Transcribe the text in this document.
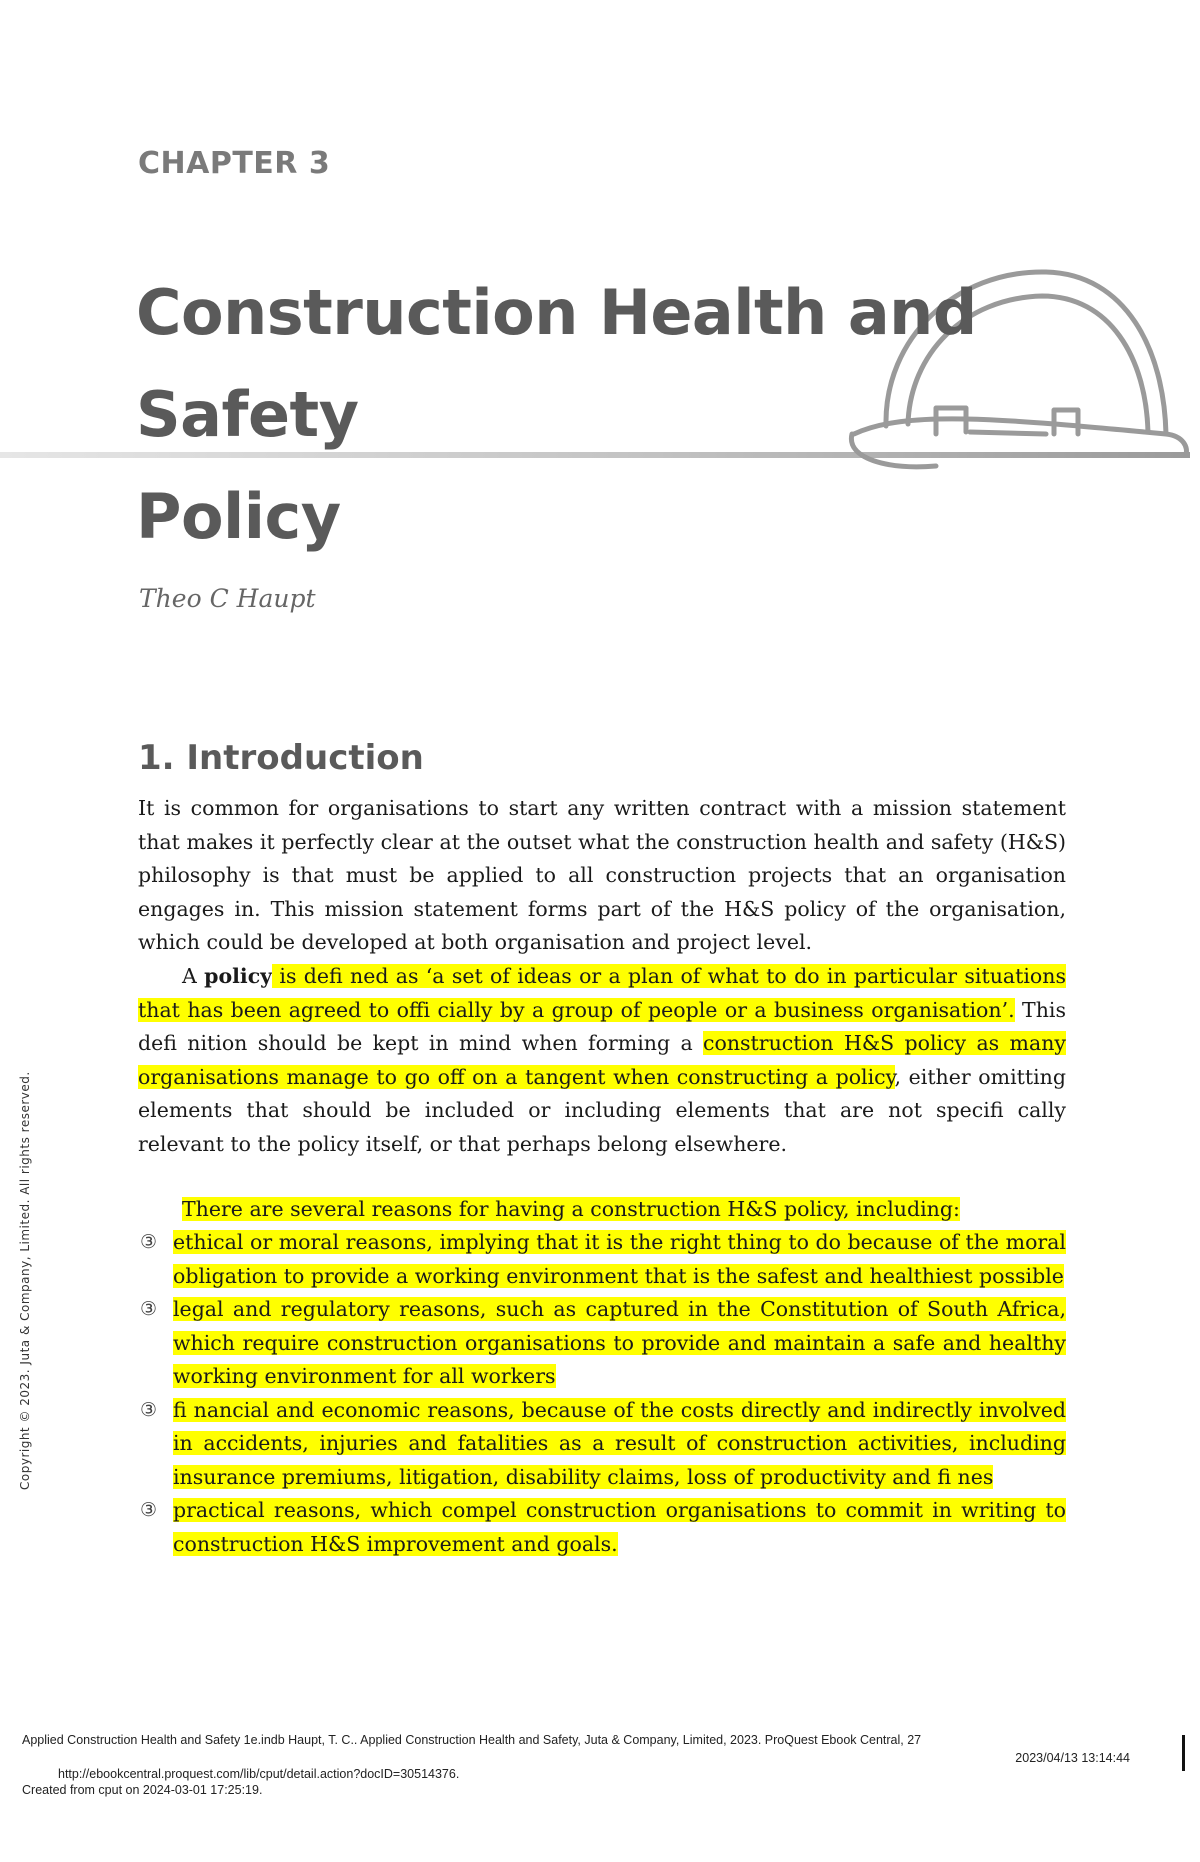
CHAPTER 3
Construction Health and
Safety
Policy
Theo C Haupt
1. Introduction
It is common for organisations to start any written contract with a mission statement that makes it perfectly clear at the outset what the construction health and safety (H&S) philosophy is that must be applied to all construction projects that an organisation engages in. This mission statement forms part of the H&S policy of the organisation, which could be developed at both organisation and project level.
A policy is defi ned as ‘a set of ideas or a plan of what to do in particular situations that has been agreed to offi cially by a group of people or a business organisation’. This defi nition should be kept in mind when forming a construction H&S policy as many organisations manage to go off on a tangent when constructing a policy, either omitting elements that should be included or including elements that are not specifi cally relevant to the policy itself, or that perhaps belong elsewhere.
There are several reasons for having a construction H&S policy, including:
③ ethical or moral reasons, implying that it is the right thing to do because of the moral obligation to provide a working environment that is the safest and healthiest possible
③ legal and regulatory reasons, such as captured in the Constitution of South Africa, which require construction organisations to provide and maintain a safe and healthy working environment for all workers
③ fi nancial and economic reasons, because of the costs directly and indirectly involved in accidents, injuries and fatalities as a result of construction activities, including insurance premiums, litigation, disability claims, loss of productivity and fi nes
③ practical reasons, which compel construction organisations to commit in writing to construction H&S improvement and goals.
Copyright © 2023. Juta & Company, Limited. All rights reserved.
Applied Construction Health and Safety 1e.indb Haupt, T. C.. Applied Construction Health and Safety, Juta & Company, Limited, 2023. ProQuest Ebook Central, 27
2023/04/13 13:14:44
http://ebookcentral.proquest.com/lib/cput/detail.action?docID=30514376.
Created from cput on 2024-03-01 17:25:19.
